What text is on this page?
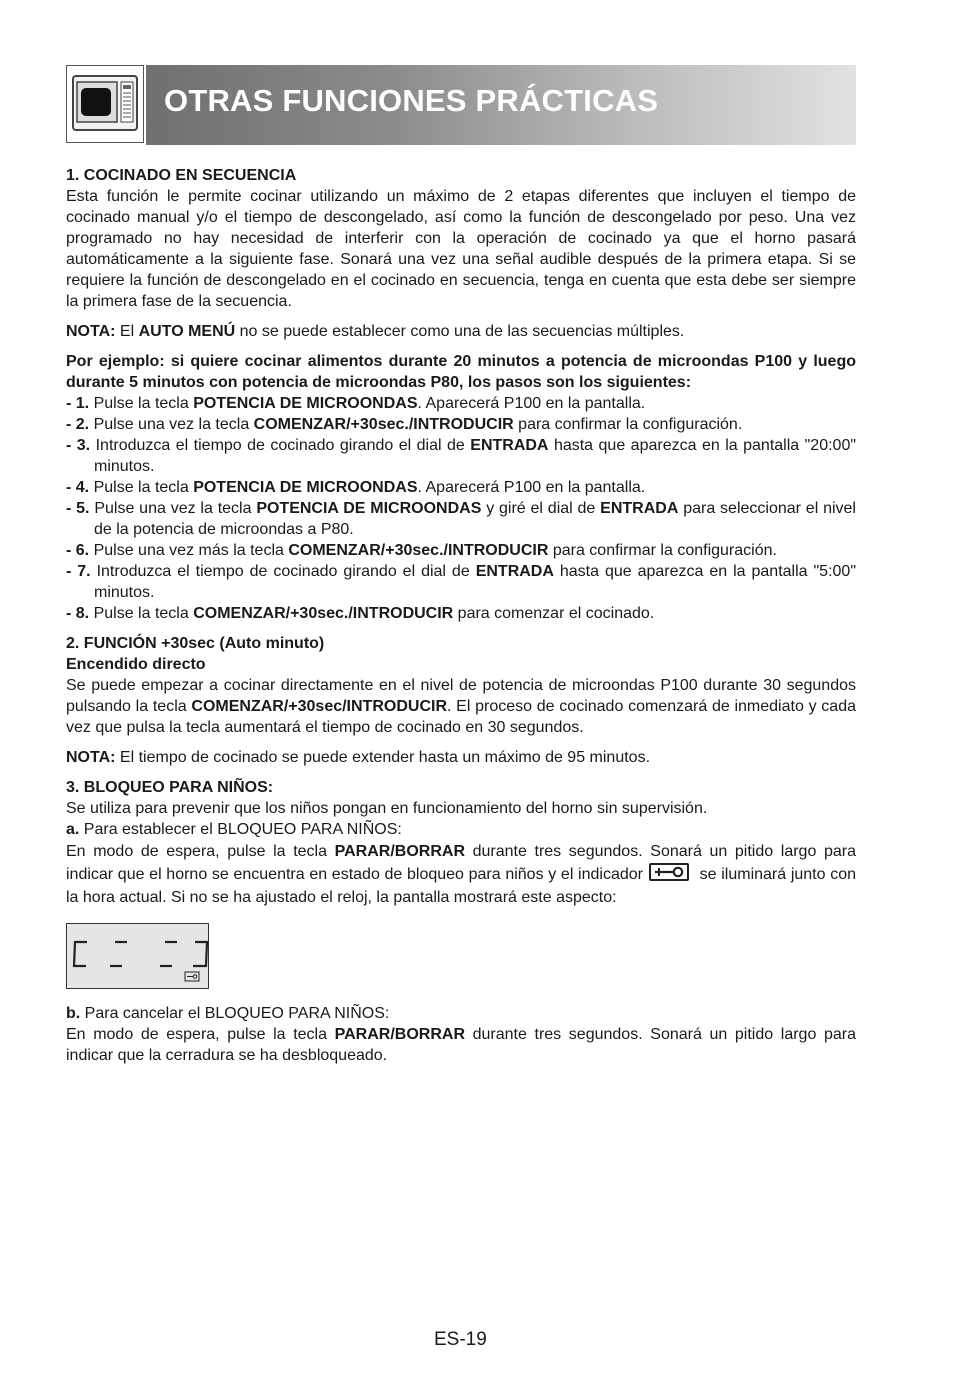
OTRAS FUNCIONES PRÁCTICAS

1. COCINADO EN SECUENCIA

Esta función le permite cocinar utilizando un máximo de 2 etapas diferentes que incluyen el tiempo de cocinado manual y/o el tiempo de descongelado, así como la función de descongelado por peso. Una vez programado no hay necesidad de interferir con la operación de cocinado ya que el horno pasará automáticamente a la siguiente fase. Sonará una vez una señal audible después de la primera etapa. Si se requiere la función de descongelado en el cocinado en secuencia, tenga en cuenta que esta debe ser siempre la primera fase de la secuencia.

NOTA: El AUTO MENÚ no se puede establecer como una de las secuencias múltiples.

Por ejemplo: si quiere cocinar alimentos durante 20 minutos a potencia de microondas P100 y luego durante 5 minutos con potencia de microondas P80, los pasos son los siguientes:

- 1. Pulse la tecla POTENCIA DE MICROONDAS. Aparecerá P100 en la pantalla.

- 2. Pulse una vez la tecla COMENZAR/+30sec./INTRODUCIR para confirmar la configuración.

- 3. Introduzca el tiempo de cocinado girando el dial de ENTRADA hasta que aparezca en la pantalla "20:00" minutos.

- 4. Pulse la tecla POTENCIA DE MICROONDAS. Aparecerá P100 en la pantalla.

- 5. Pulse una vez la tecla POTENCIA DE MICROONDAS y giré el dial de ENTRADA para seleccionar el nivel de la potencia de microondas a P80.

- 6. Pulse una vez más la tecla COMENZAR/+30sec./INTRODUCIR para confirmar la configuración.

- 7. Introduzca el tiempo de cocinado girando el dial de ENTRADA hasta que aparezca en la pantalla "5:00" minutos.

- 8. Pulse la tecla COMENZAR/+30sec./INTRODUCIR para comenzar el cocinado.

2. FUNCIÓN +30sec (Auto minuto)

Encendido directo

Se puede empezar a cocinar directamente en el nivel de potencia de microondas P100 durante 30 segundos pulsando la tecla COMENZAR/+30sec/INTRODUCIR. El proceso de cocinado comenzará de inmediato y cada vez que pulsa la tecla aumentará el tiempo de cocinado en 30 segundos.

NOTA: El tiempo de cocinado se puede extender hasta un máximo de 95 minutos.

3. BLOQUEO PARA NIÑOS:

Se utiliza para prevenir que los niños pongan en funcionamiento del horno sin supervisión.

a. Para establecer el BLOQUEO PARA NIÑOS:

En modo de espera, pulse la tecla PARAR/BORRAR durante tres segundos. Sonará un pitido largo para indicar que el horno se encuentra en estado de bloqueo para niños y el indicador	se iluminará junto con la hora actual. Si no se ha ajustado el reloj, la pantalla mostrará este aspecto:

b. Para cancelar el BLOQUEO PARA NIÑOS:

En modo de espera, pulse la tecla PARAR/BORRAR durante tres segundos. Sonará un pitido largo para indicar que la cerradura se ha desbloqueado.

ES-19
